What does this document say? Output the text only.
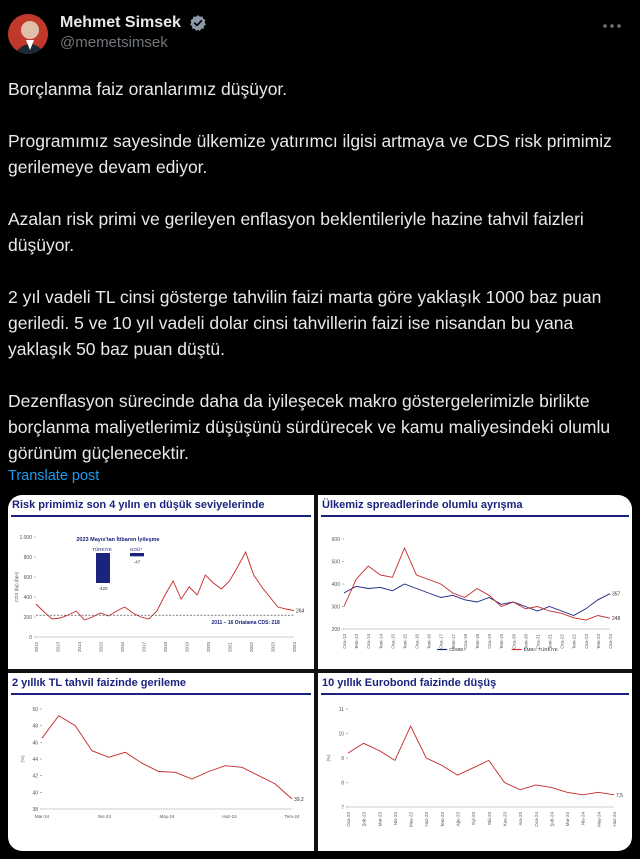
Mehmet Simsek
@memetsimsek

Borçlanma faiz oranlarımız düşüyor.

Programımız sayesinde ülkemize yatırımcı ilgisi artmaya ve CDS risk primimiz gerilemeye devam ediyor.

Azalan risk primi ve gerileyen enflasyon beklentileriyle hazine tahvil faizleri düşüyor.

2 yıl vadeli TL cinsi gösterge tahvilin faizi marta göre yaklaşık 1000 baz puan geriledi. 5 ve 10 yıl vadeli dolar cinsi tahvillerin faizi ise nisandan bu yana yaklaşık 50 baz puan düştü.

Dezenflasyon sürecinde daha da iyileşecek makro göstergelerimizle birlikte borçlanma maliyetlerimiz düşüşünü sürdürecek ve kamu maliyesindeki olumlu görünüm güçlenecektir.

Translate post
Risk primimiz son 4 yılın en düşük seviyelerinde
0
200
400
600
800
1.000
2012	2013	2014	2015	2016	2017	2018	2019	2020	2021	2022	2023	2024
CDS (bp) (bps)
264
2011 – 16 Ortalama CDS: 218
2023 Mayıs'tan İtibaren İyileşme
TÜRKİYE
-420
GOÜ*
-47
Ülkemiz spreadlerinde olumlu ayrışma
200
300
400
500
600
Oca-13 Tem-13 Oca-14 Tem-14 Oca-15 Tem-15 Oca-16 Tem-16 Oca-17 Tem-17 Oca-18 Tem-18 Oca-19 Tem-19 Oca-20 Tem-20 Oca-21 Tem-21 Oca-22 Tem-22 Oca-23 Tem-23 Oca-24
CEMBI+	EMBI+ TÜRKİYE
357
248
2 yıllık TL tahvil faizinde gerileme
38
40
42
44
46
48
50
Mar-24	Nis-24	May-24	Haz-24	Tem-24
(%)
39,2
10 yıllık Eurobond faizinde düşüş
7
8
9
10
11
Oca-23 Şub-23 Mar-23 Nis-23 May-23 Haz-23 Tem-23 Ağu-23 Eyl-23 Eki-23 Kas-23 Ara-23 Oca-24 Şub-24 Mar-24 Nis-24 May-24 Haz-24
(%)
7,5
